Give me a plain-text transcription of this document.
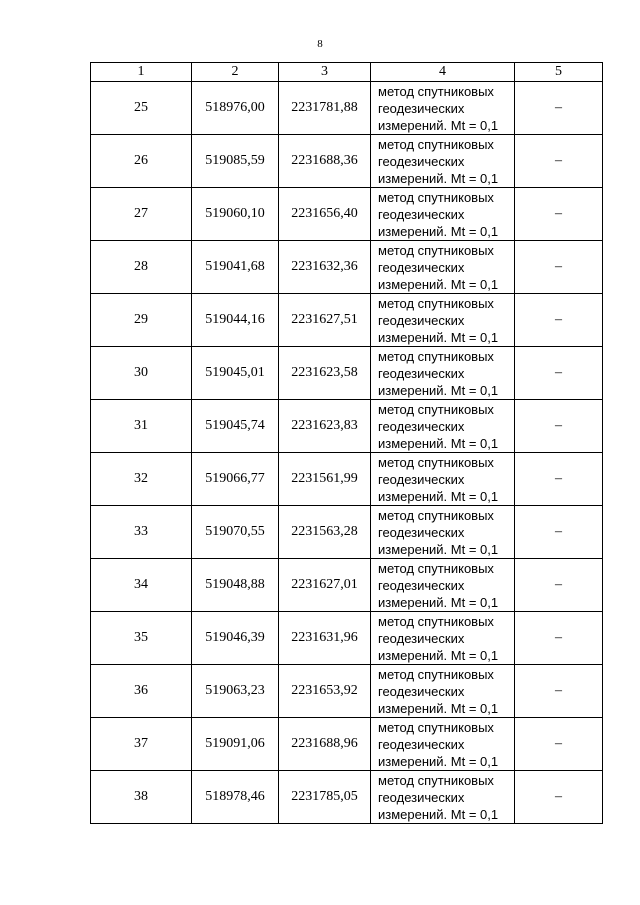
8
1	2	3	4	5
25	518976,00	2231781,88	метод спутниковых
геодезических
измерений. Mt = 0,1	–
26	519085,59	2231688,36	метод спутниковых
геодезических
измерений. Mt = 0,1	–
27	519060,10	2231656,40	метод спутниковых
геодезических
измерений. Mt = 0,1	–
28	519041,68	2231632,36	метод спутниковых
геодезических
измерений. Mt = 0,1	–
29	519044,16	2231627,51	метод спутниковых
геодезических
измерений. Mt = 0,1	–
30	519045,01	2231623,58	метод спутниковых
геодезических
измерений. Mt = 0,1	–
31	519045,74	2231623,83	метод спутниковых
геодезических
измерений. Mt = 0,1	–
32	519066,77	2231561,99	метод спутниковых
геодезических
измерений. Mt = 0,1	–
33	519070,55	2231563,28	метод спутниковых
геодезических
измерений. Mt = 0,1	–
34	519048,88	2231627,01	метод спутниковых
геодезических
измерений. Mt = 0,1	–
35	519046,39	2231631,96	метод спутниковых
геодезических
измерений. Mt = 0,1	–
36	519063,23	2231653,92	метод спутниковых
геодезических
измерений. Mt = 0,1	–
37	519091,06	2231688,96	метод спутниковых
геодезических
измерений. Mt = 0,1	–
38	518978,46	2231785,05	метод спутниковых
геодезических
измерений. Mt = 0,1	–
